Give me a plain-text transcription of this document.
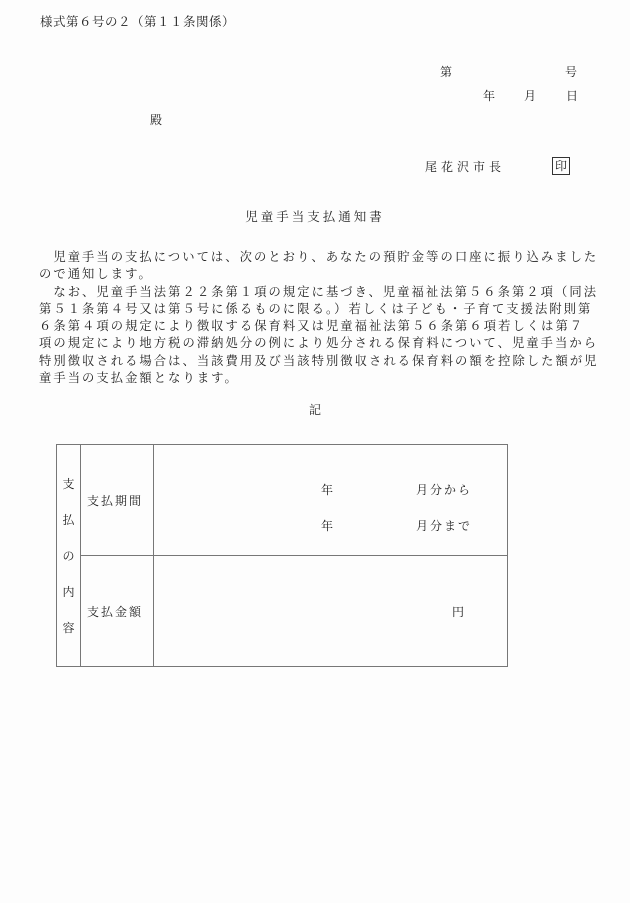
様式第６号の２（第１１条関係）
第	号
年 月 日
殿
尾花沢市長	印
児童手当支払通知書

　児童手当の支払については、次のとおり、あなたの預貯金等の口座に振り込みました

ので通知します。

　なお、児童手当法第２２条第１項の規定に基づき、児童福祉法第５６条第２項（同法

第５１条第４号又は第５号に係るものに限る。）若しくは子ども・子育て支援法附則第

６条第４項の規定により徴収する保育料又は児童福祉法第５６条第６項若しくは第７

項の規定により地方税の滞納処分の例により処分される保育料について、児童手当から

特別徴収される場合は、当該費用及び当該特別徴収される保育料の額を控除した額が児

童手当の支払金額となります。

記
支
払
の
内
容	支払期間	年 月分から
年 月分まで

	支払金額	円
